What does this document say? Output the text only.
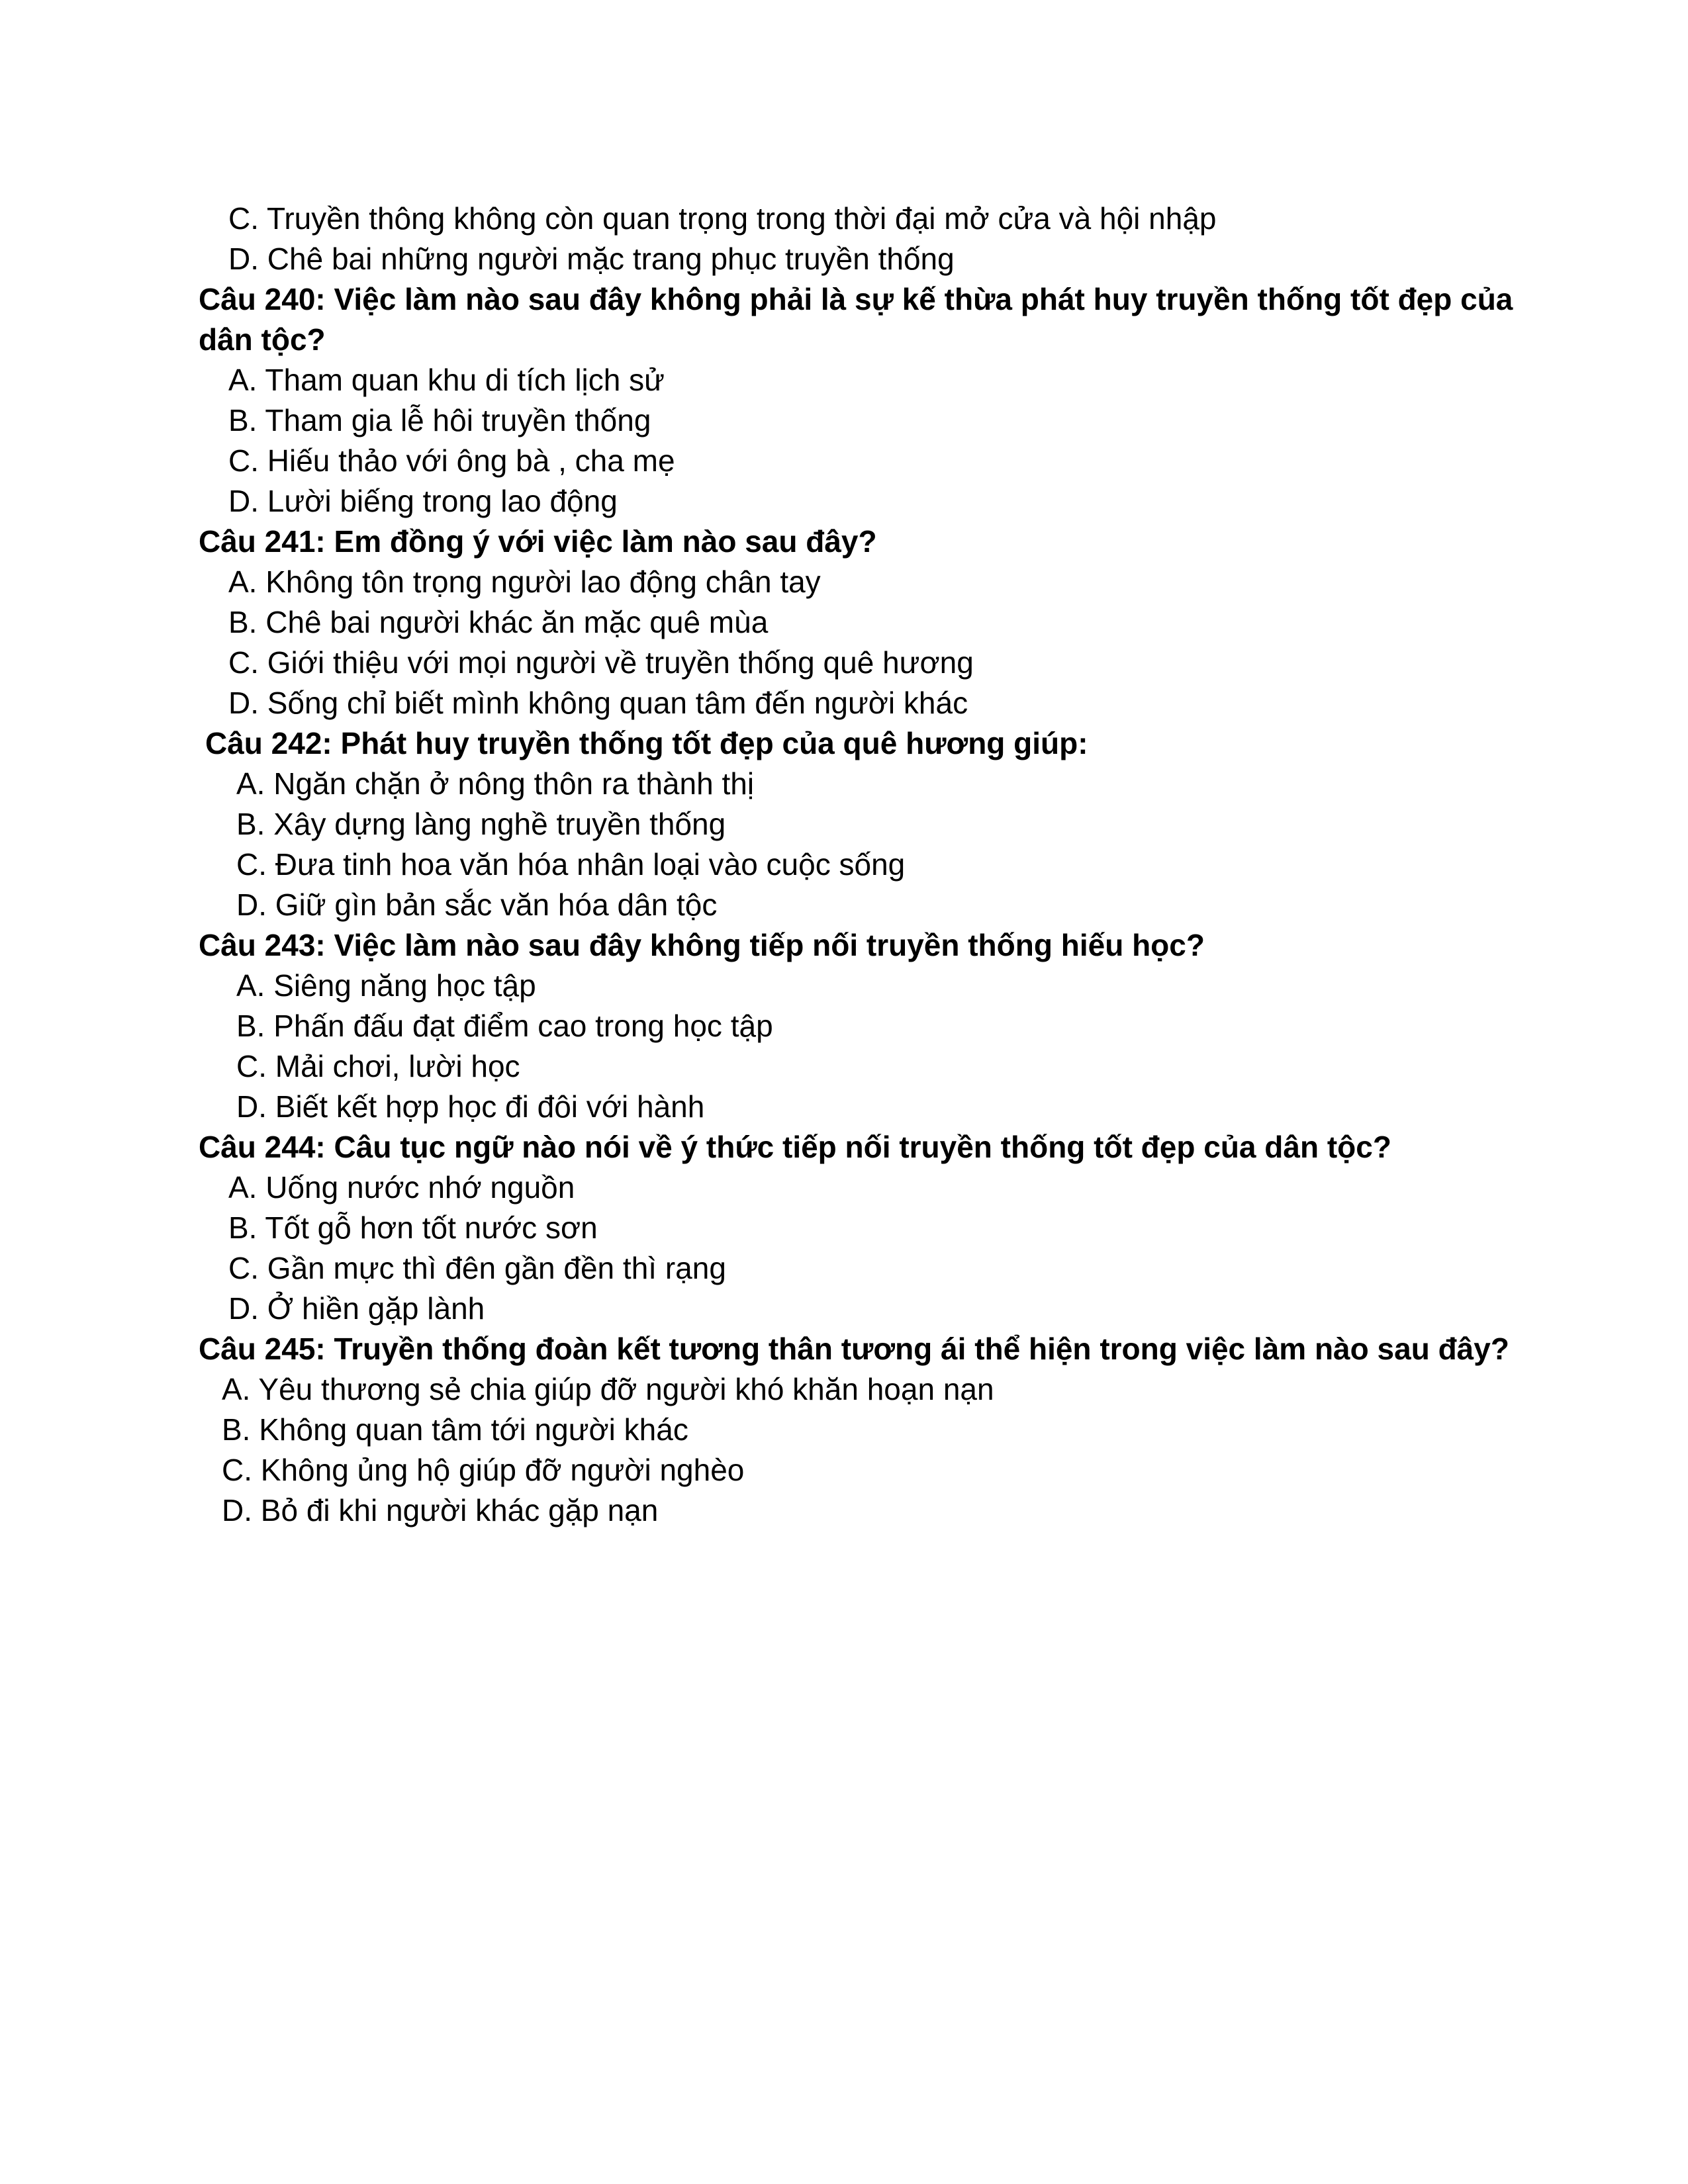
C. Truyền thông không còn quan trọng trong thời đại mở cửa và hội nhập
D. Chê bai những người mặc trang phục truyền thống
Câu 240: Việc làm nào sau đây không phải là sự kế thừa phát huy truyền thống tốt đẹp của
dân tộc?
A. Tham quan khu di tích lịch sử
B. Tham gia lễ hôi truyền thống
C. Hiếu thảo với ông bà , cha mẹ
D. Lười biếng trong lao động
Câu 241: Em đồng ý với việc làm nào sau đây?
A. Không tôn trọng người lao động chân tay
B. Chê bai người khác ăn mặc quê mùa
C. Giới thiệu với mọi người về truyền thống quê hương
D. Sống chỉ biết mình không quan tâm đến người khác
Câu 242: Phát huy truyền thống tốt đẹp của quê hương giúp:
A. Ngăn chặn ở nông thôn ra thành thị
B. Xây dựng làng nghề truyền thống
C. Đưa tinh hoa văn hóa nhân loại vào cuộc sống
D. Giữ gìn bản sắc văn hóa dân tộc
Câu 243: Việc làm nào sau đây không tiếp nối truyền thống hiếu học?
A. Siêng năng học tập
B. Phấn đấu đạt điểm cao trong học tập
C. Mải chơi, lười học
D. Biết kết hợp học đi đôi với hành
Câu 244: Câu tục ngữ nào nói về ý thức tiếp nối truyền thống tốt đẹp của dân tộc?
A. Uống nước nhớ nguồn
B. Tốt gỗ hơn tốt nước sơn
C. Gần mực thì đên gần đền thì rạng
D. Ở hiền gặp lành
Câu 245: Truyền thống đoàn kết tương thân tương ái thể hiện trong việc làm nào sau đây?
A. Yêu thương sẻ chia giúp đỡ người khó khăn hoạn nạn
B. Không quan tâm tới người khác
C. Không ủng hộ giúp đỡ người nghèo
D. Bỏ đi khi người khác gặp nạn
